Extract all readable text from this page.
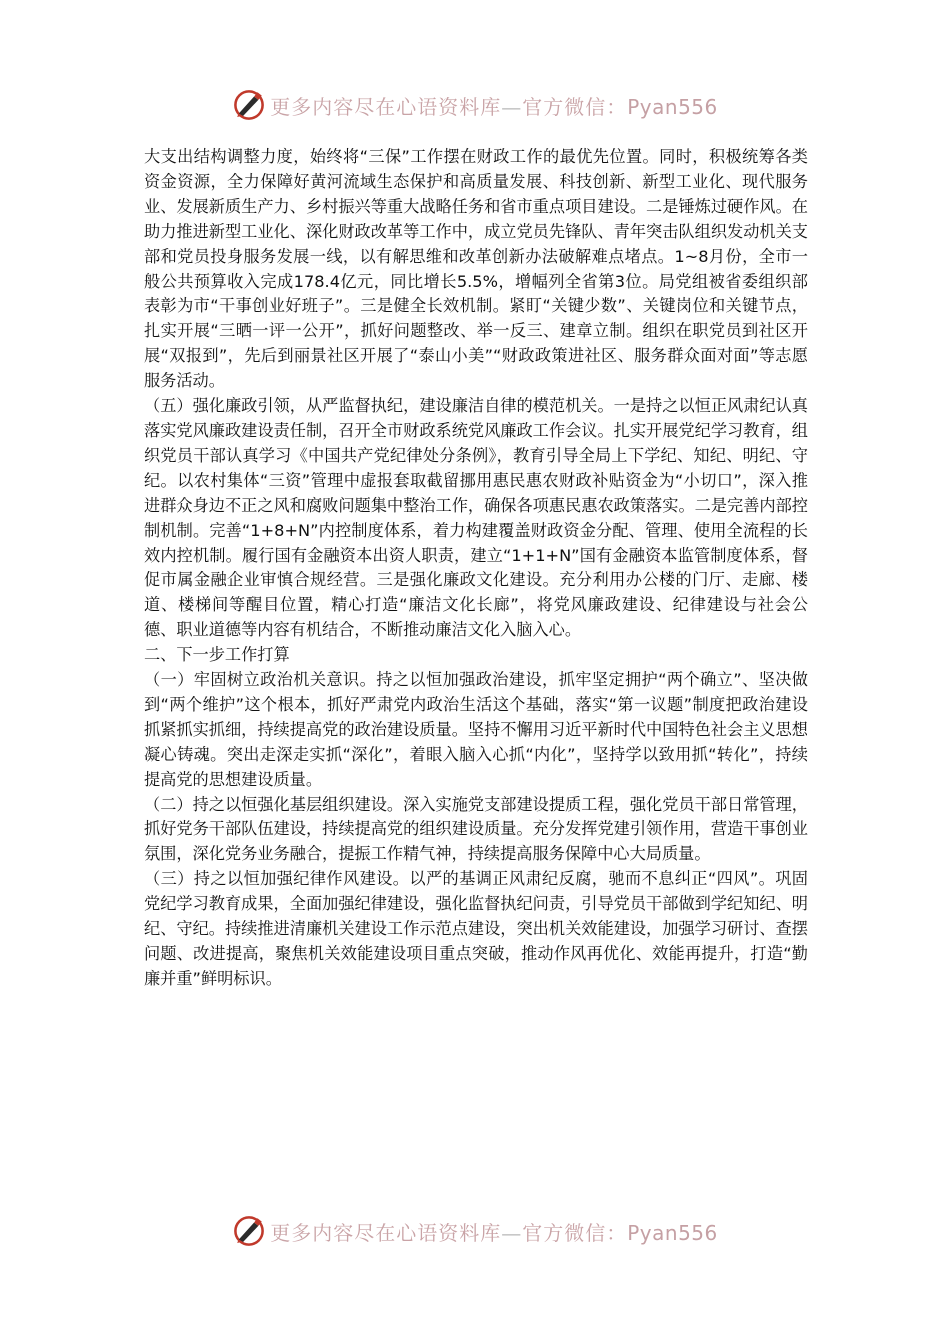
更多内容尽在心语资料库—官方微信：Pyan556

大支出结构调整力度，始终将“三保”工作摆在财政工作的最优先位置。同时，积极统筹各类资金资源，全力保障好黄河流域生态保护和高质量发展、科技创新、新型工业化、现代服务业、发展新质生产力、乡村振兴等重大战略任务和省市重点项目建设。二是锤炼过硬作风。在助力推进新型工业化、深化财政改革等工作中，成立党员先锋队、青年突击队组织发动机关支部和党员投身服务发展一线，以有解思维和改革创新办法破解难点堵点。1~8月份，全市一般公共预算收入完成178.4亿元，同比增长5.5%，增幅列全省第3位。局党组被省委组织部表彰为市“干事创业好班子”。三是健全长效机制。紧盯“关键少数”、关键岗位和关键节点，扎实开展“三晒一评一公开”，抓好问题整改、举一反三、建章立制。组织在职党员到社区开展“双报到”，先后到丽景社区开展了“泰山小美”“财政政策进社区、服务群众面对面”等志愿服务活动。

（五）强化廉政引领，从严监督执纪，建设廉洁自律的模范机关。一是持之以恒正风肃纪认真落实党风廉政建设责任制，召开全市财政系统党风廉政工作会议。扎实开展党纪学习教育，组织党员干部认真学习《中国共产党纪律处分条例》，教育引导全局上下学纪、知纪、明纪、守纪。以农村集体“三资”管理中虚报套取截留挪用惠民惠农财政补贴资金为“小切口”，深入推进群众身边不正之风和腐败问题集中整治工作，确保各项惠民惠农政策落实。二是完善内部控制机制。完善“1+8+N”内控制度体系，着力构建覆盖财政资金分配、管理、使用全流程的长效内控机制。履行国有金融资本出资人职责，建立“1+1+N”国有金融资本监管制度体系，督促市属金融企业审慎合规经营。三是强化廉政文化建设。充分利用办公楼的门厅、走廊、楼道、楼梯间等醒目位置，精心打造“廉洁文化长廊”，将党风廉政建设、纪律建设与社会公德、职业道德等内容有机结合，不断推动廉洁文化入脑入心。

二、下一步工作打算

（一）牢固树立政治机关意识。持之以恒加强政治建设，抓牢坚定拥护“两个确立”、坚决做到“两个维护”这个根本，抓好严肃党内政治生活这个基础，落实“第一议题”制度把政治建设抓紧抓实抓细，持续提高党的政治建设质量。坚持不懈用习近平新时代中国特色社会主义思想凝心铸魂。突出走深走实抓“深化”，着眼入脑入心抓“内化”，坚持学以致用抓“转化”，持续提高党的思想建设质量。

（二）持之以恒强化基层组织建设。深入实施党支部建设提质工程，强化党员干部日常管理，抓好党务干部队伍建设，持续提高党的组织建设质量。充分发挥党建引领作用，营造干事创业氛围，深化党务业务融合，提振工作精气神，持续提高服务保障中心大局质量。

（三）持之以恒加强纪律作风建设。以严的基调正风肃纪反腐，驰而不息纠正“四风”。巩固党纪学习教育成果，全面加强纪律建设，强化监督执纪问责，引导党员干部做到学纪知纪、明纪、守纪。持续推进清廉机关建设工作示范点建设，突出机关效能建设，加强学习研讨、查摆问题、改进提高，聚焦机关效能建设项目重点突破，推动作风再优化、效能再提升，打造“勤廉并重”鲜明标识。

更多内容尽在心语资料库—官方微信：Pyan556
